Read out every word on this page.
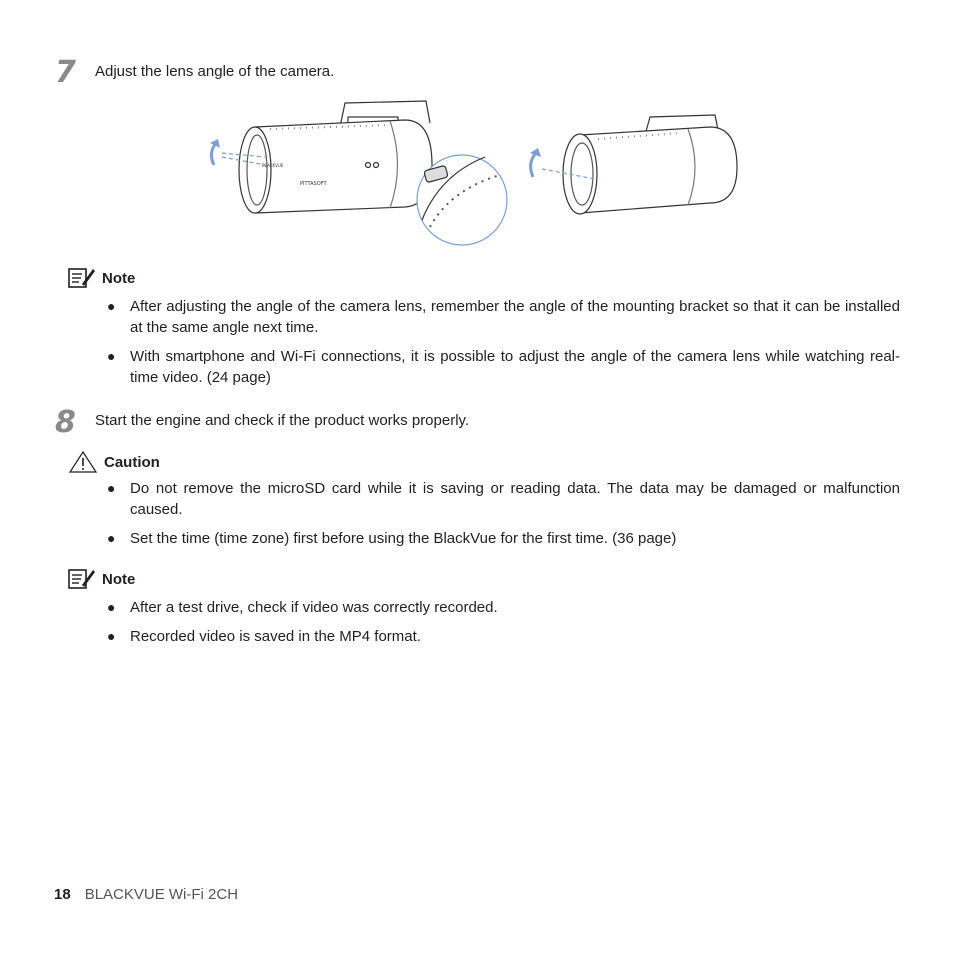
7 Adjust the lens angle of the camera.
PITTASOFT
BLACKVUE
Note
● After adjusting the angle of the camera lens, remember the angle of the mounting bracket so that it can be installed at the same angle next time.
● With smartphone and Wi-Fi connections, it is possible to adjust the angle of the camera lens while watching real-time video. (24 page)
8 Start the engine and check if the product works properly.
Caution
● Do not remove the microSD card while it is saving or reading data. The data may be damaged or malfunction caused.
● Set the time (time zone) first before using the BlackVue for the first time. (36 page)
Note
● After a test drive, check if video was correctly recorded.
● Recorded video is saved in the MP4 format.
18 BLACKVUE Wi-Fi 2CH
